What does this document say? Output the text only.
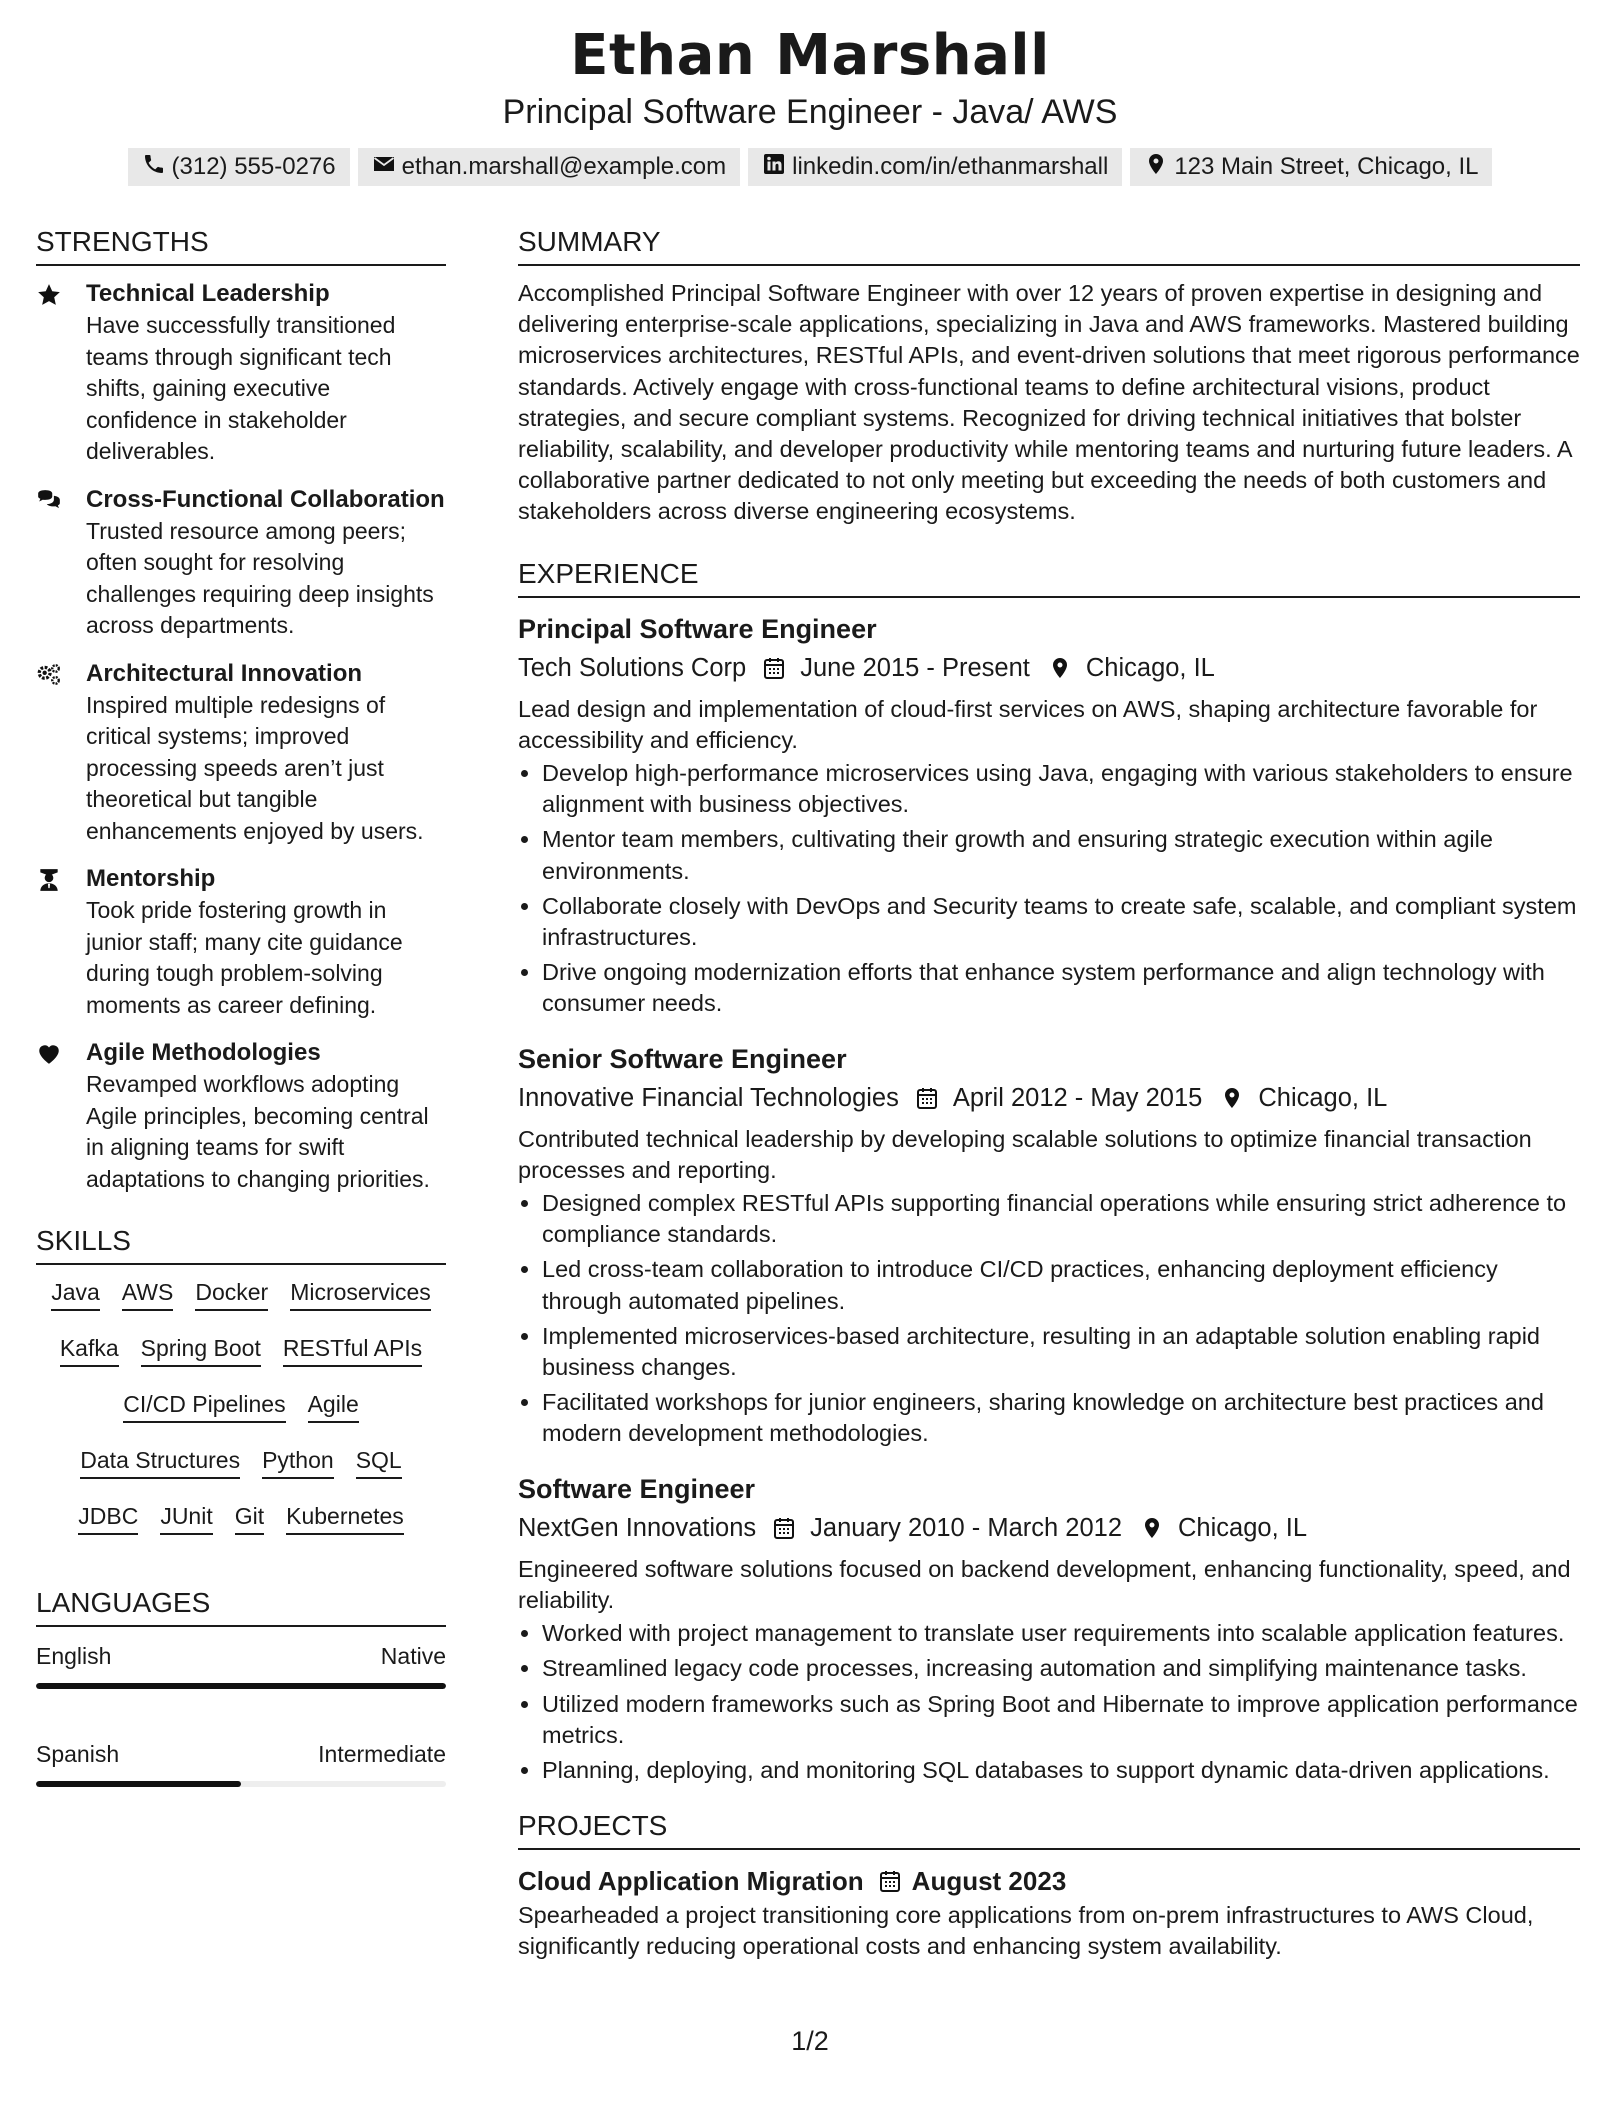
Ethan Marshall
Principal Software Engineer - Java/ AWS
(312) 555-0276	ethan.marshall@example.com	linkedin.com/in/ethanmarshall	123 Main Street, Chicago, IL
STRENGTHS
Technical Leadership
Have successfully transitioned teams through significant tech shifts, gaining executive confidence in stakeholder deliverables.
Cross-Functional Collaboration
Trusted resource among peers; often sought for resolving challenges requiring deep insights across departments.
Architectural Innovation
Inspired multiple redesigns of critical systems; improved processing speeds aren’t just theoretical but tangible enhancements enjoyed by users.
Mentorship
Took pride fostering growth in junior staff; many cite guidance during tough problem-solving moments as career defining.
Agile Methodologies
Revamped workflows adopting Agile principles, becoming central in aligning teams for swift adaptations to changing priorities.
SKILLS
Java AWS Docker Microservices
Kafka Spring Boot RESTful APIs
CI/CD Pipelines Agile
Data Structures Python SQL
JDBC JUnit Git Kubernetes
LANGUAGES
English	Native
Spanish	Intermediate
SUMMARY
Accomplished Principal Software Engineer with over 12 years of proven expertise in designing and delivering enterprise-scale applications, specializing in Java and AWS frameworks. Mastered building microservices architectures, RESTful APIs, and event-driven solutions that meet rigorous performance standards. Actively engage with cross-functional teams to define architectural visions, product strategies, and secure compliant systems. Recognized for driving technical initiatives that bolster reliability, scalability, and developer productivity while mentoring teams and nurturing future leaders. A collaborative partner dedicated to not only meeting but exceeding the needs of both customers and stakeholders across diverse engineering ecosystems.
EXPERIENCE
Principal Software Engineer
Tech Solutions Corp June 2015 - Present Chicago, IL
Lead design and implementation of cloud-first services on AWS, shaping architecture favorable for accessibility and efficiency.
• Develop high-performance microservices using Java, engaging with various stakeholders to ensure alignment with business objectives.
• Mentor team members, cultivating their growth and ensuring strategic execution within agile environments.
• Collaborate closely with DevOps and Security teams to create safe, scalable, and compliant system infrastructures.
• Drive ongoing modernization efforts that enhance system performance and align technology with consumer needs.
Senior Software Engineer
Innovative Financial Technologies April 2012 - May 2015 Chicago, IL
Contributed technical leadership by developing scalable solutions to optimize financial transaction processes and reporting.
• Designed complex RESTful APIs supporting financial operations while ensuring strict adherence to compliance standards.
• Led cross-team collaboration to introduce CI/CD practices, enhancing deployment efficiency through automated pipelines.
• Implemented microservices-based architecture, resulting in an adaptable solution enabling rapid business changes.
• Facilitated workshops for junior engineers, sharing knowledge on architecture best practices and modern development methodologies.
Software Engineer
NextGen Innovations January 2010 - March 2012 Chicago, IL
Engineered software solutions focused on backend development, enhancing functionality, speed, and reliability.
• Worked with project management to translate user requirements into scalable application features.
• Streamlined legacy code processes, increasing automation and simplifying maintenance tasks.
• Utilized modern frameworks such as Spring Boot and Hibernate to improve application performance metrics.
• Planning, deploying, and monitoring SQL databases to support dynamic data-driven applications.
PROJECTS
Cloud Application Migration August 2023
Spearheaded a project transitioning core applications from on-prem infrastructures to AWS Cloud, significantly reducing operational costs and enhancing system availability.
1/2
